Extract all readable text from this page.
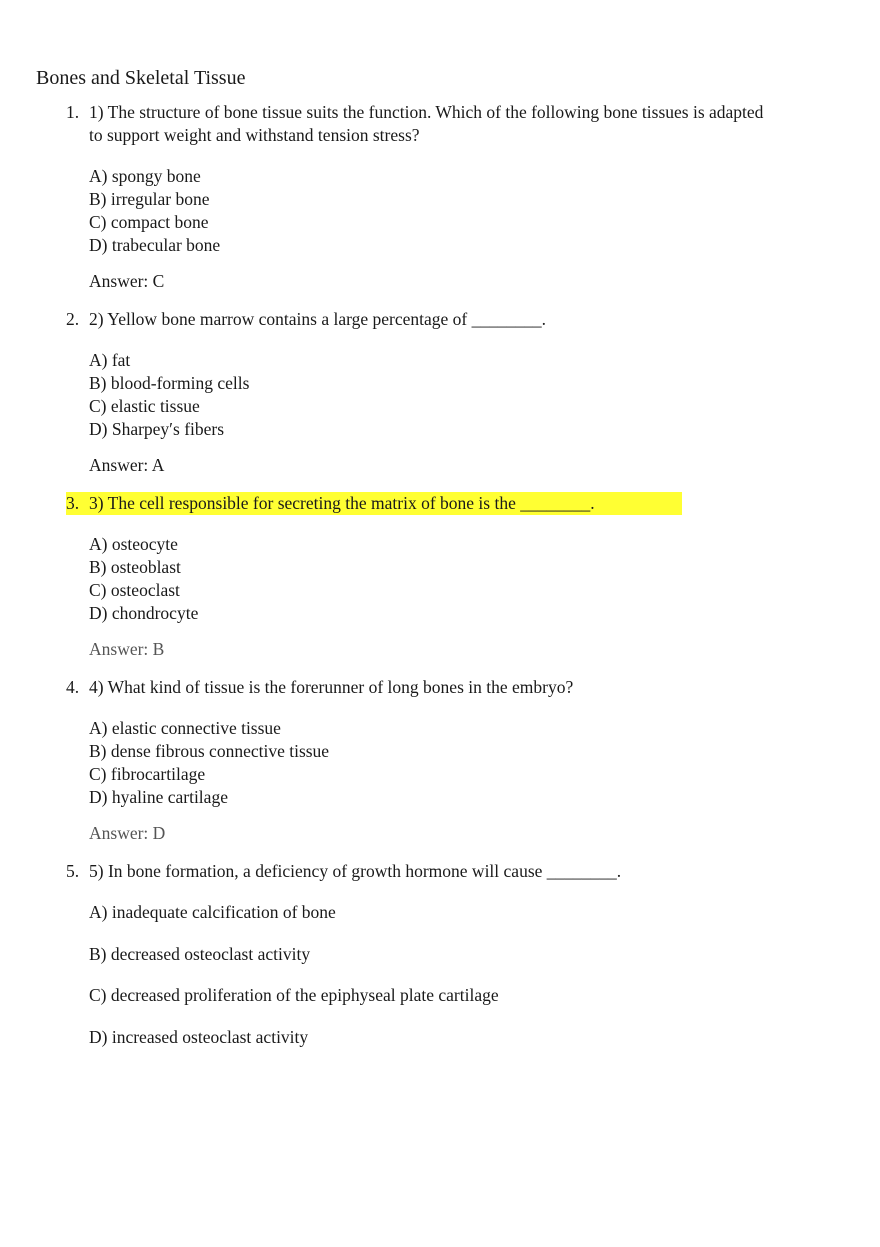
Bones and Skeletal Tissue
1. 1) The structure of bone tissue suits the function. Which of the following bone tissues is adapted to support weight and withstand tension stress?
A) spongy bone
B) irregular bone
C) compact bone
D) trabecular bone
Answer: C
2. 2) Yellow bone marrow contains a large percentage of ________.
A) fat
B) blood-forming cells
C) elastic tissue
D) Sharpey′s fibers
Answer: A
3. 3) The cell responsible for secreting the matrix of bone is the ________.
A) osteocyte
B) osteoblast
C) osteoclast
D) chondrocyte
Answer: B
4. 4) What kind of tissue is the forerunner of long bones in the embryo?
A) elastic connective tissue
B) dense fibrous connective tissue
C) fibrocartilage
D) hyaline cartilage
Answer: D
5. 5) In bone formation, a deficiency of growth hormone will cause ________.
A) inadequate calcification of bone
B) decreased osteoclast activity
C) decreased proliferation of the epiphyseal plate cartilage
D) increased osteoclast activity
